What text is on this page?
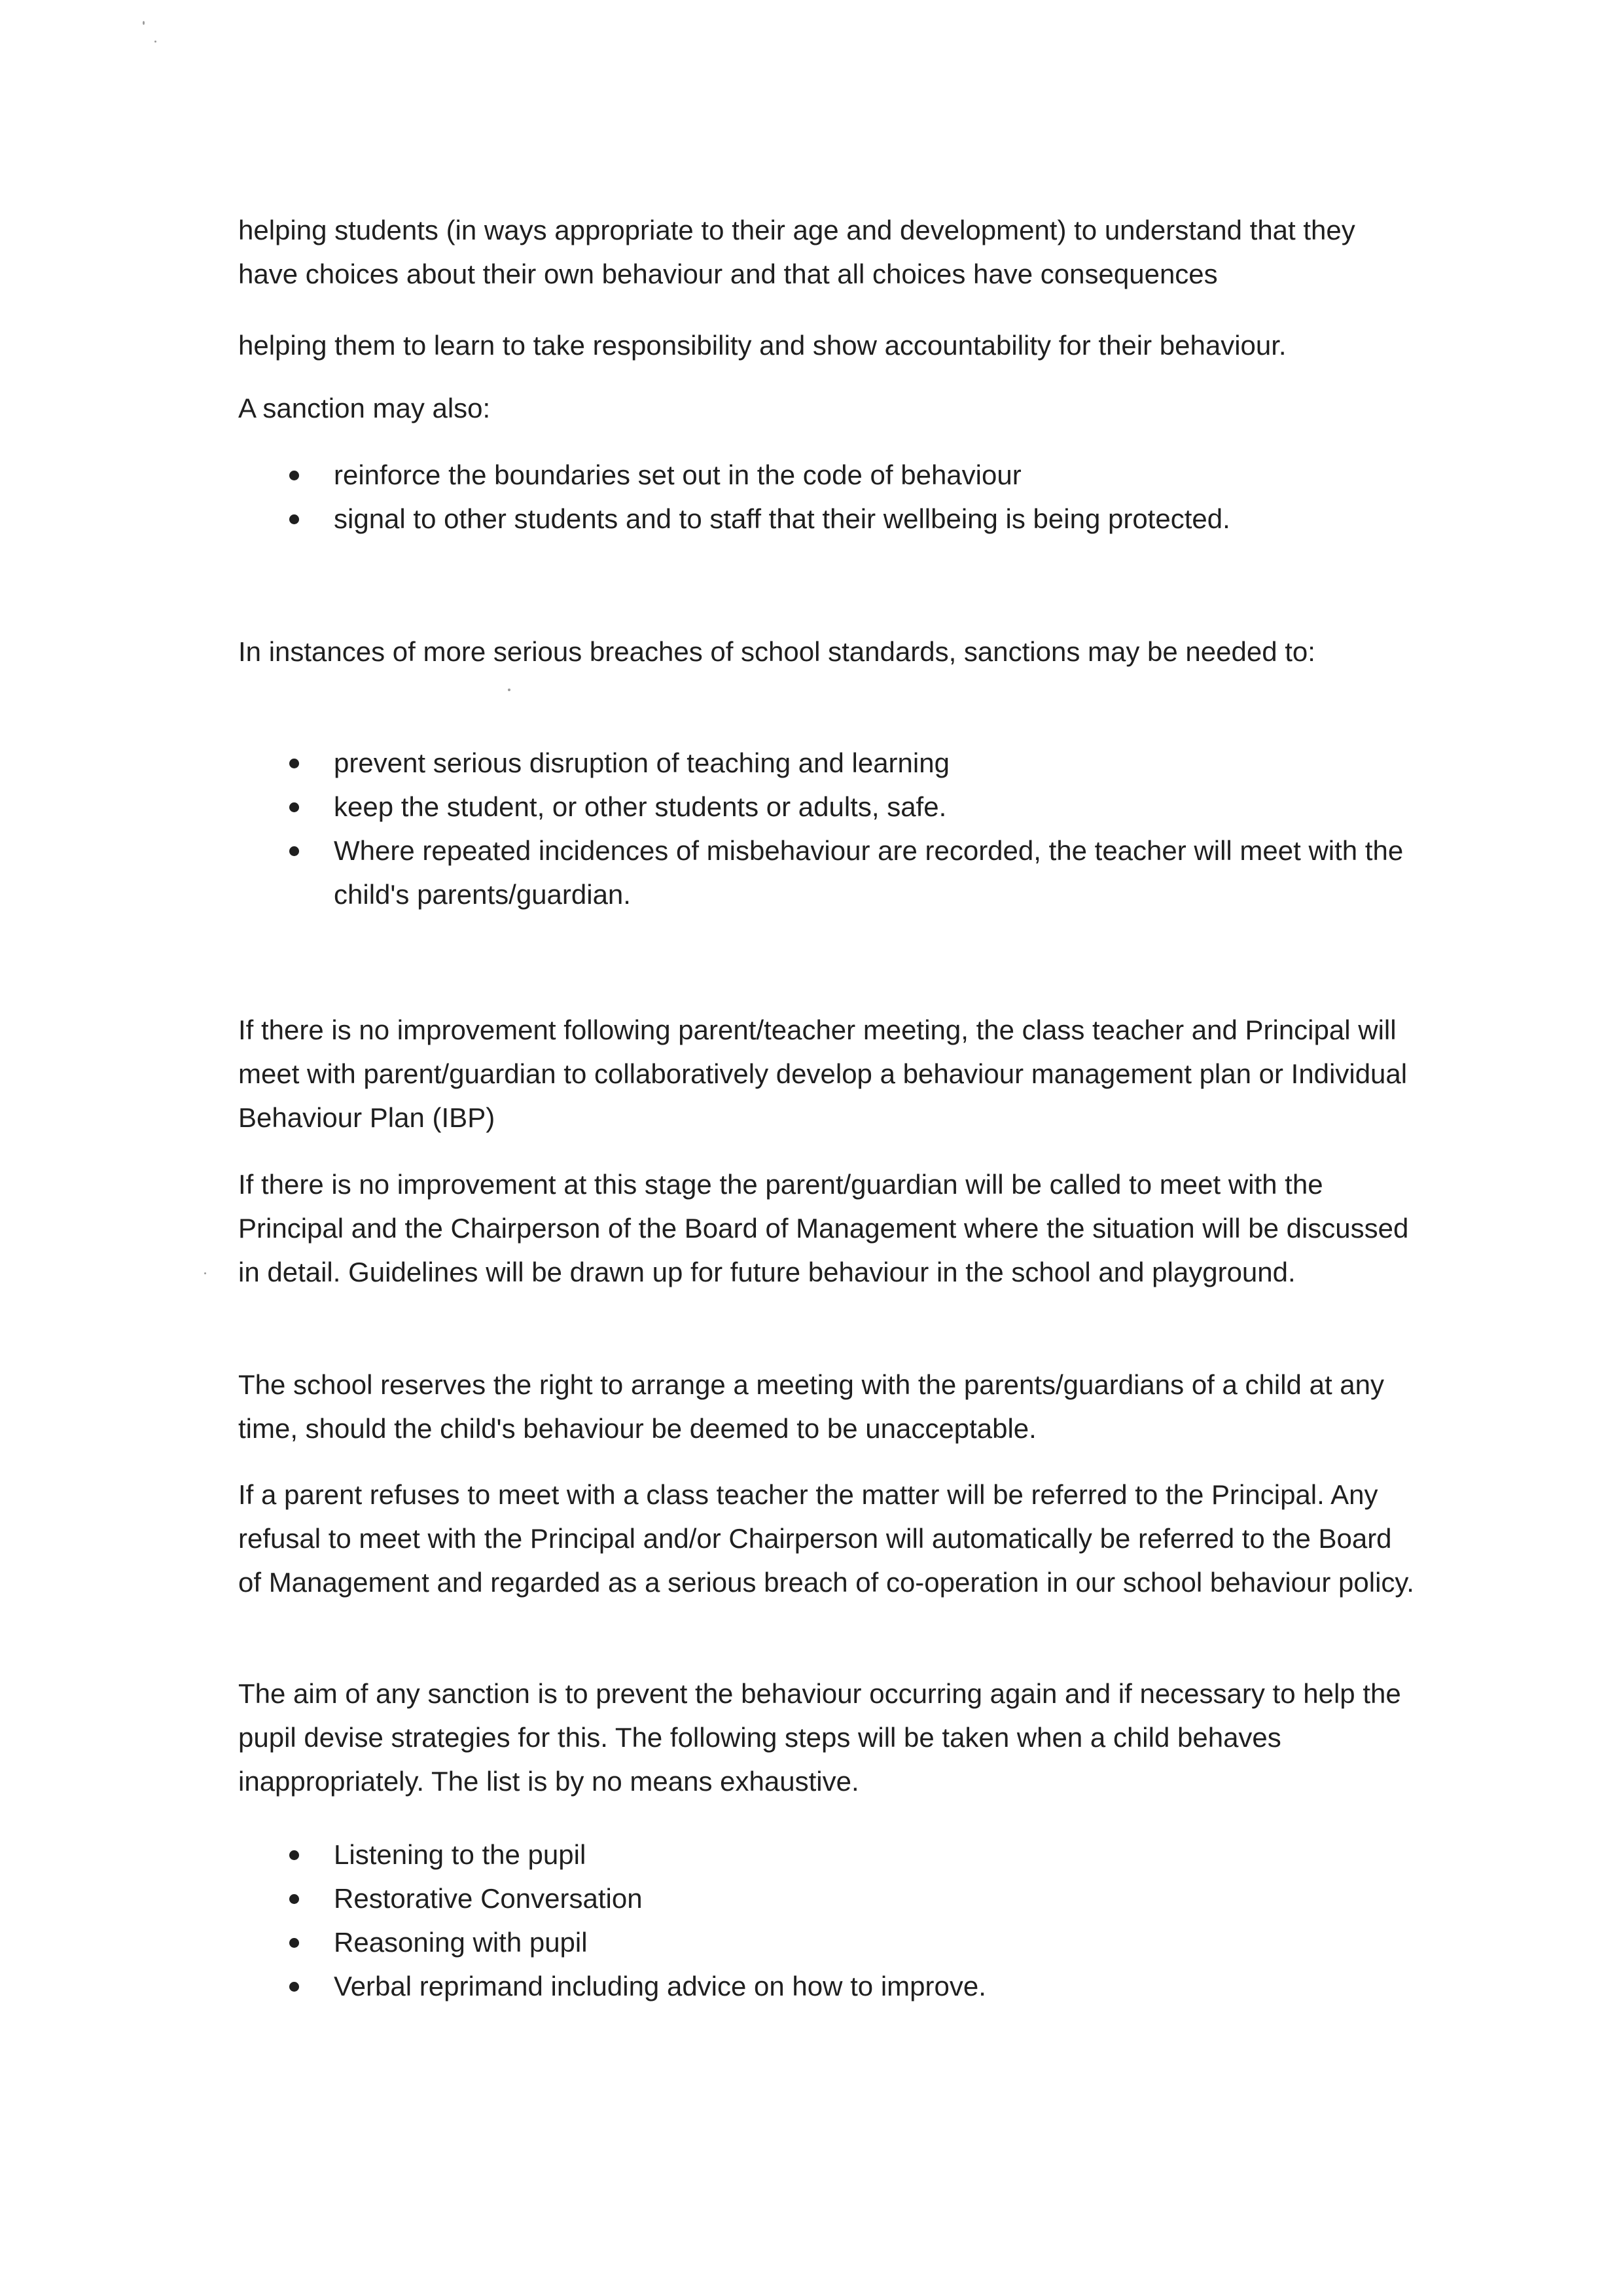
helping students (in ways appropriate to their age and development) to understand that they have choices about their own behaviour and that all choices have consequences

helping them to learn to take responsibility and show accountability for their behaviour.

A sanction may also:

reinforce the boundaries set out in the code of behaviour
signal to other students and to staff that their wellbeing is being protected.

In instances of more serious breaches of school standards, sanctions may be needed to:

prevent serious disruption of teaching and learning
keep the student, or other students or adults, safe.
Where repeated incidences of misbehaviour are recorded, the teacher will meet with the child's parents/guardian.

If there is no improvement following parent/teacher meeting, the class teacher and Principal will meet with parent/guardian to collaboratively develop a behaviour management plan or Individual Behaviour Plan (IBP)

If there is no improvement at this stage the parent/guardian will be called to meet with the Principal and the Chairperson of the Board of Management where the situation will be discussed in detail. Guidelines will be drawn up for future behaviour in the school and playground.

The school reserves the right to arrange a meeting with the parents/guardians of a child at any time, should the child's behaviour be deemed to be unacceptable.

If a parent refuses to meet with a class teacher the matter will be referred to the Principal. Any refusal to meet with the Principal and/or Chairperson will automatically be referred to the Board of Management and regarded as a serious breach of co-operation in our school behaviour policy.

The aim of any sanction is to prevent the behaviour occurring again and if necessary to help the pupil devise strategies for this. The following steps will be taken when a child behaves inappropriately. The list is by no means exhaustive.

Listening to the pupil
Restorative Conversation
Reasoning with pupil
Verbal reprimand including advice on how to improve.
